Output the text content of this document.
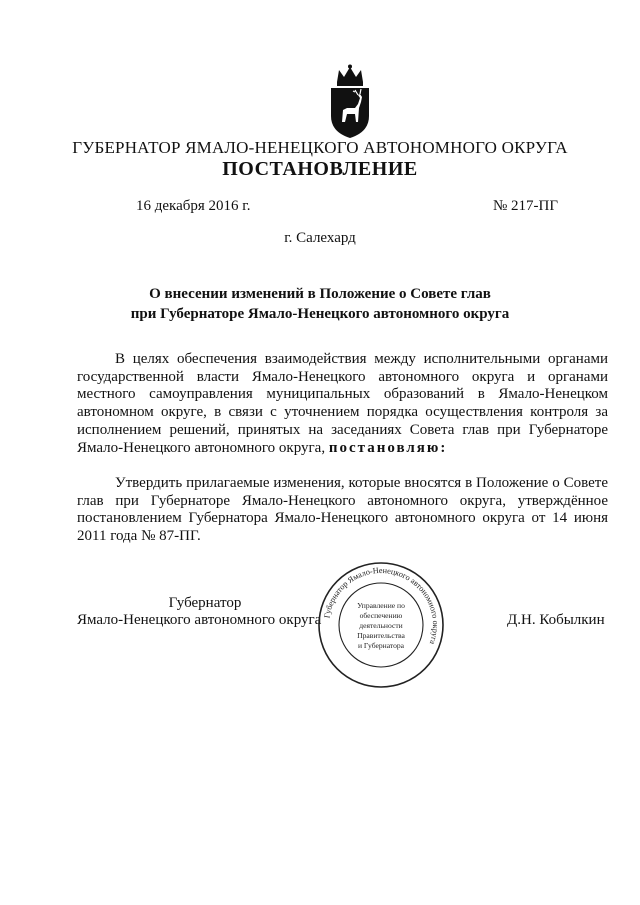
ГУБЕРНАТОР ЯМАЛО-НЕНЕЦКОГО АВТОНОМНОГО ОКРУГА
ПОСТАНОВЛЕНИЕ
16 декабря 2016 г.	№ 217-ПГ
г. Салехард
О внесении изменений в Положение о Совете глав
при Губернаторе Ямало-Ненецкого автономного округа
В целях обеспечения взаимодействия между исполнительными органами государственной власти Ямало-Ненецкого автономного округа и органами местного самоуправления муниципальных образований в Ямало-Ненецком автономном округе, в связи с уточнением порядка осуществления контроля за исполнением решений, принятых на заседаниях Совета глав при Губернаторе Ямало-Ненецкого автономного округа, постановляю:
Утвердить прилагаемые изменения, которые вносятся в Положение о Совете глав при Губернаторе Ямало-Ненецкого автономного округа, утверждённое постановлением Губернатора Ямало-Ненецкого автономного округа от 14 июня 2011 года № 87-ПГ.
Губернатор
Ямало-Ненецкого автономного округа	Д.Н. Кобылкин
Губернатор Ямало-Ненецкого автономного округа
Управление по
обеспечению
деятельности
Правительства
и Губернатора
